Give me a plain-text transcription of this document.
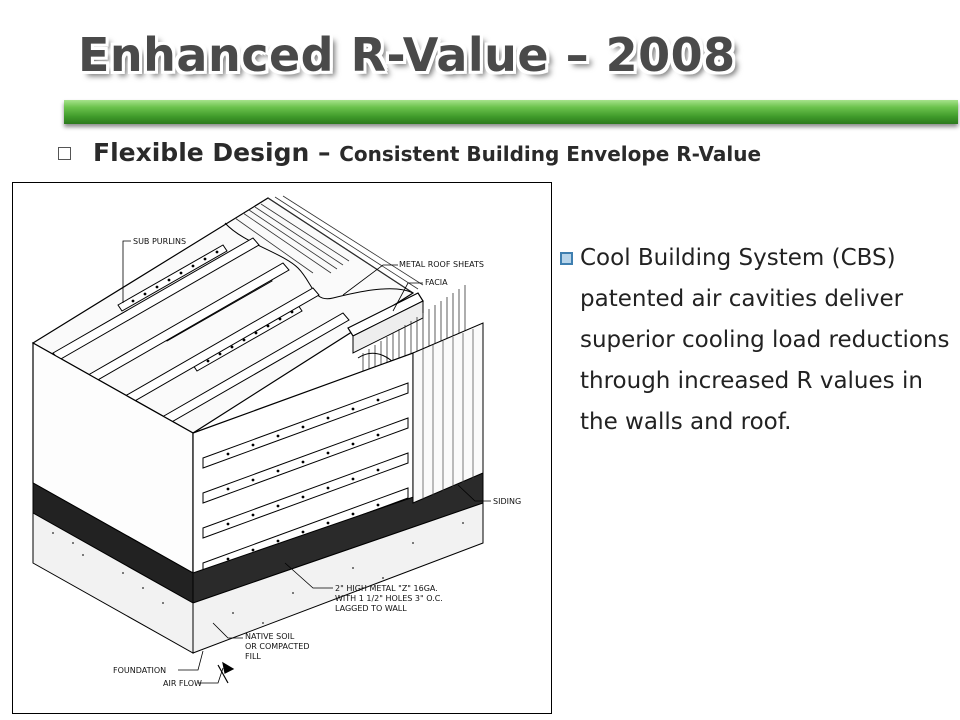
Enhanced R-Value – 2008
Flexible Design – Consistent Building Envelope R-Value
SUB PURLINS
METAL ROOF SHEATS
FACIA
SIDING
2" HIGH METAL "Z" 16GA.
WITH 1 1/2" HOLES 3" O.C.
LAGGED TO WALL
NATIVE SOIL
OR COMPACTED
FILL
FOUNDATION
AIR FLOW
Cool Building System (CBS) patented air cavities deliver superior cooling load reductions through increased R values in the walls and roof.
